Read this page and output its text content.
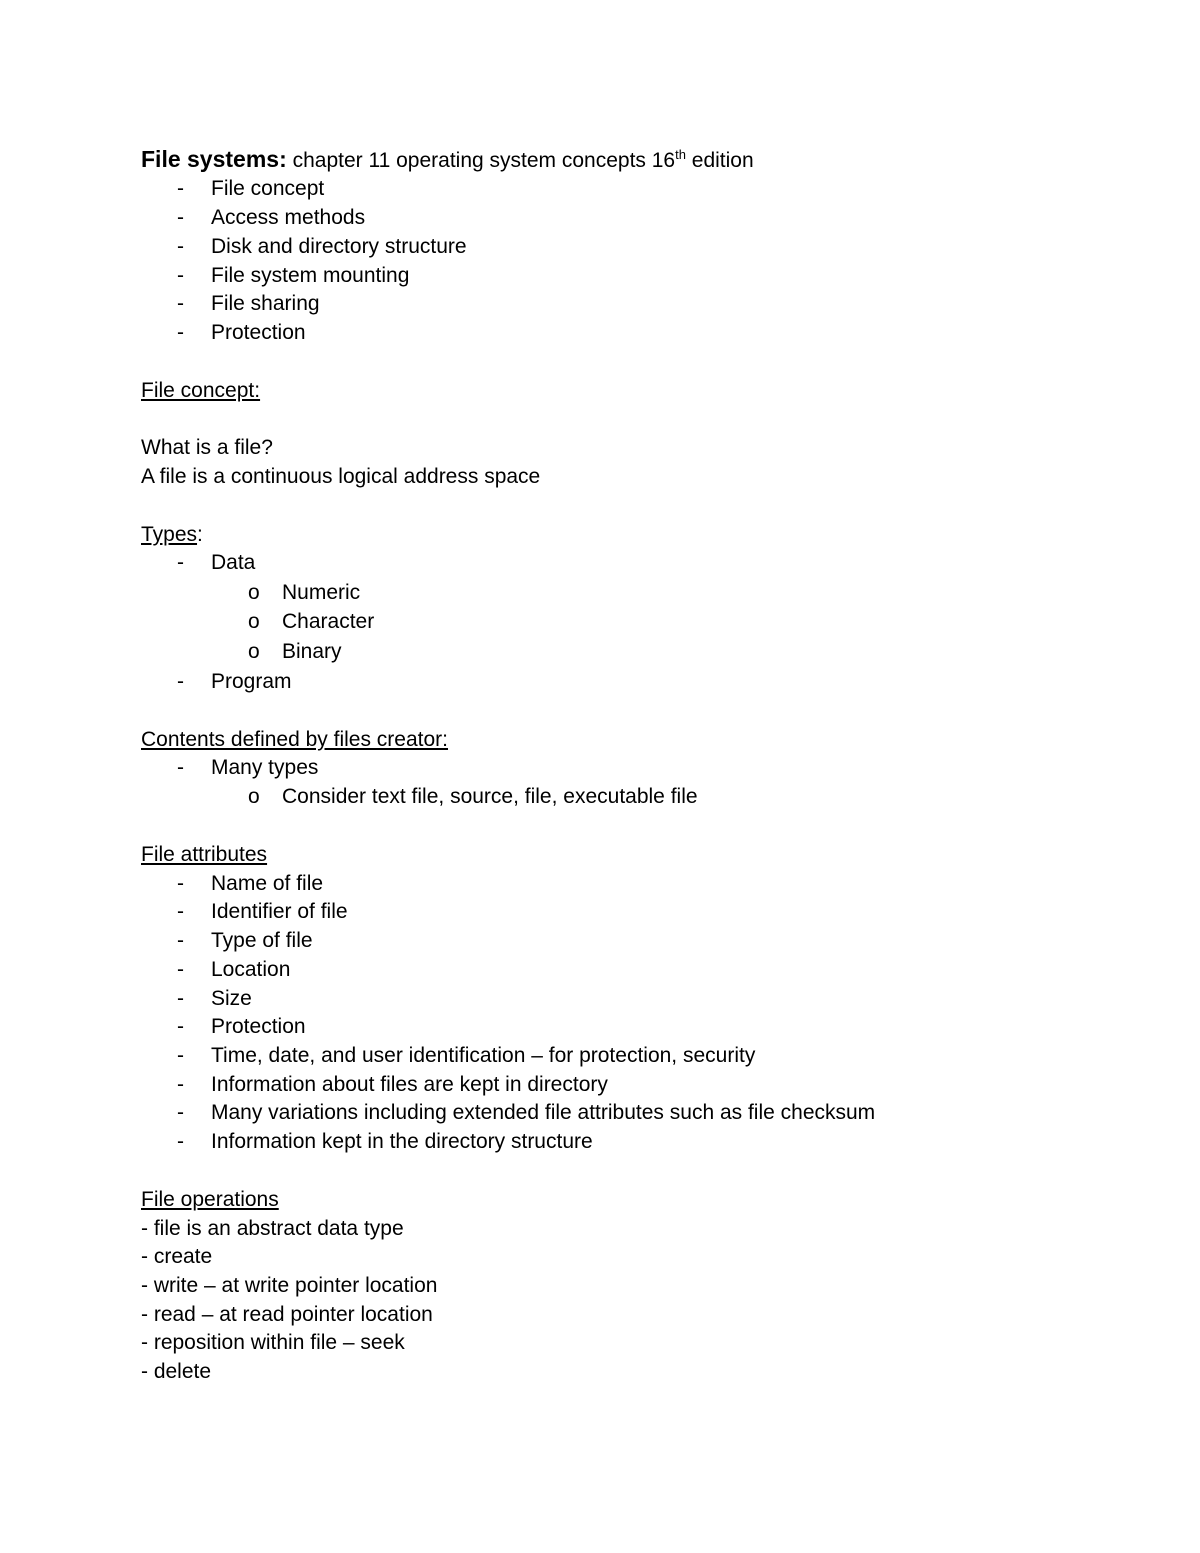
File systems: chapter 11 operating system concepts 16th edition
- File concept
- Access methods
- Disk and directory structure
- File system mounting
- File sharing
- Protection
File concept:
What is a file?
A file is a continuous logical address space
Types:
- Data
o Numeric
o Character
o Binary
- Program
Contents defined by files creator:
- Many types
o Consider text file, source, file, executable file
File attributes
- Name of file
- Identifier of file
- Type of file
- Location
- Size
- Protection
- Time, date, and user identification – for protection, security
- Information about files are kept in directory
- Many variations including extended file attributes such as file checksum
- Information kept in the directory structure
File operations
- file is an abstract data type
- create
- write – at write pointer location
- read – at read pointer location
- reposition within file – seek
- delete
